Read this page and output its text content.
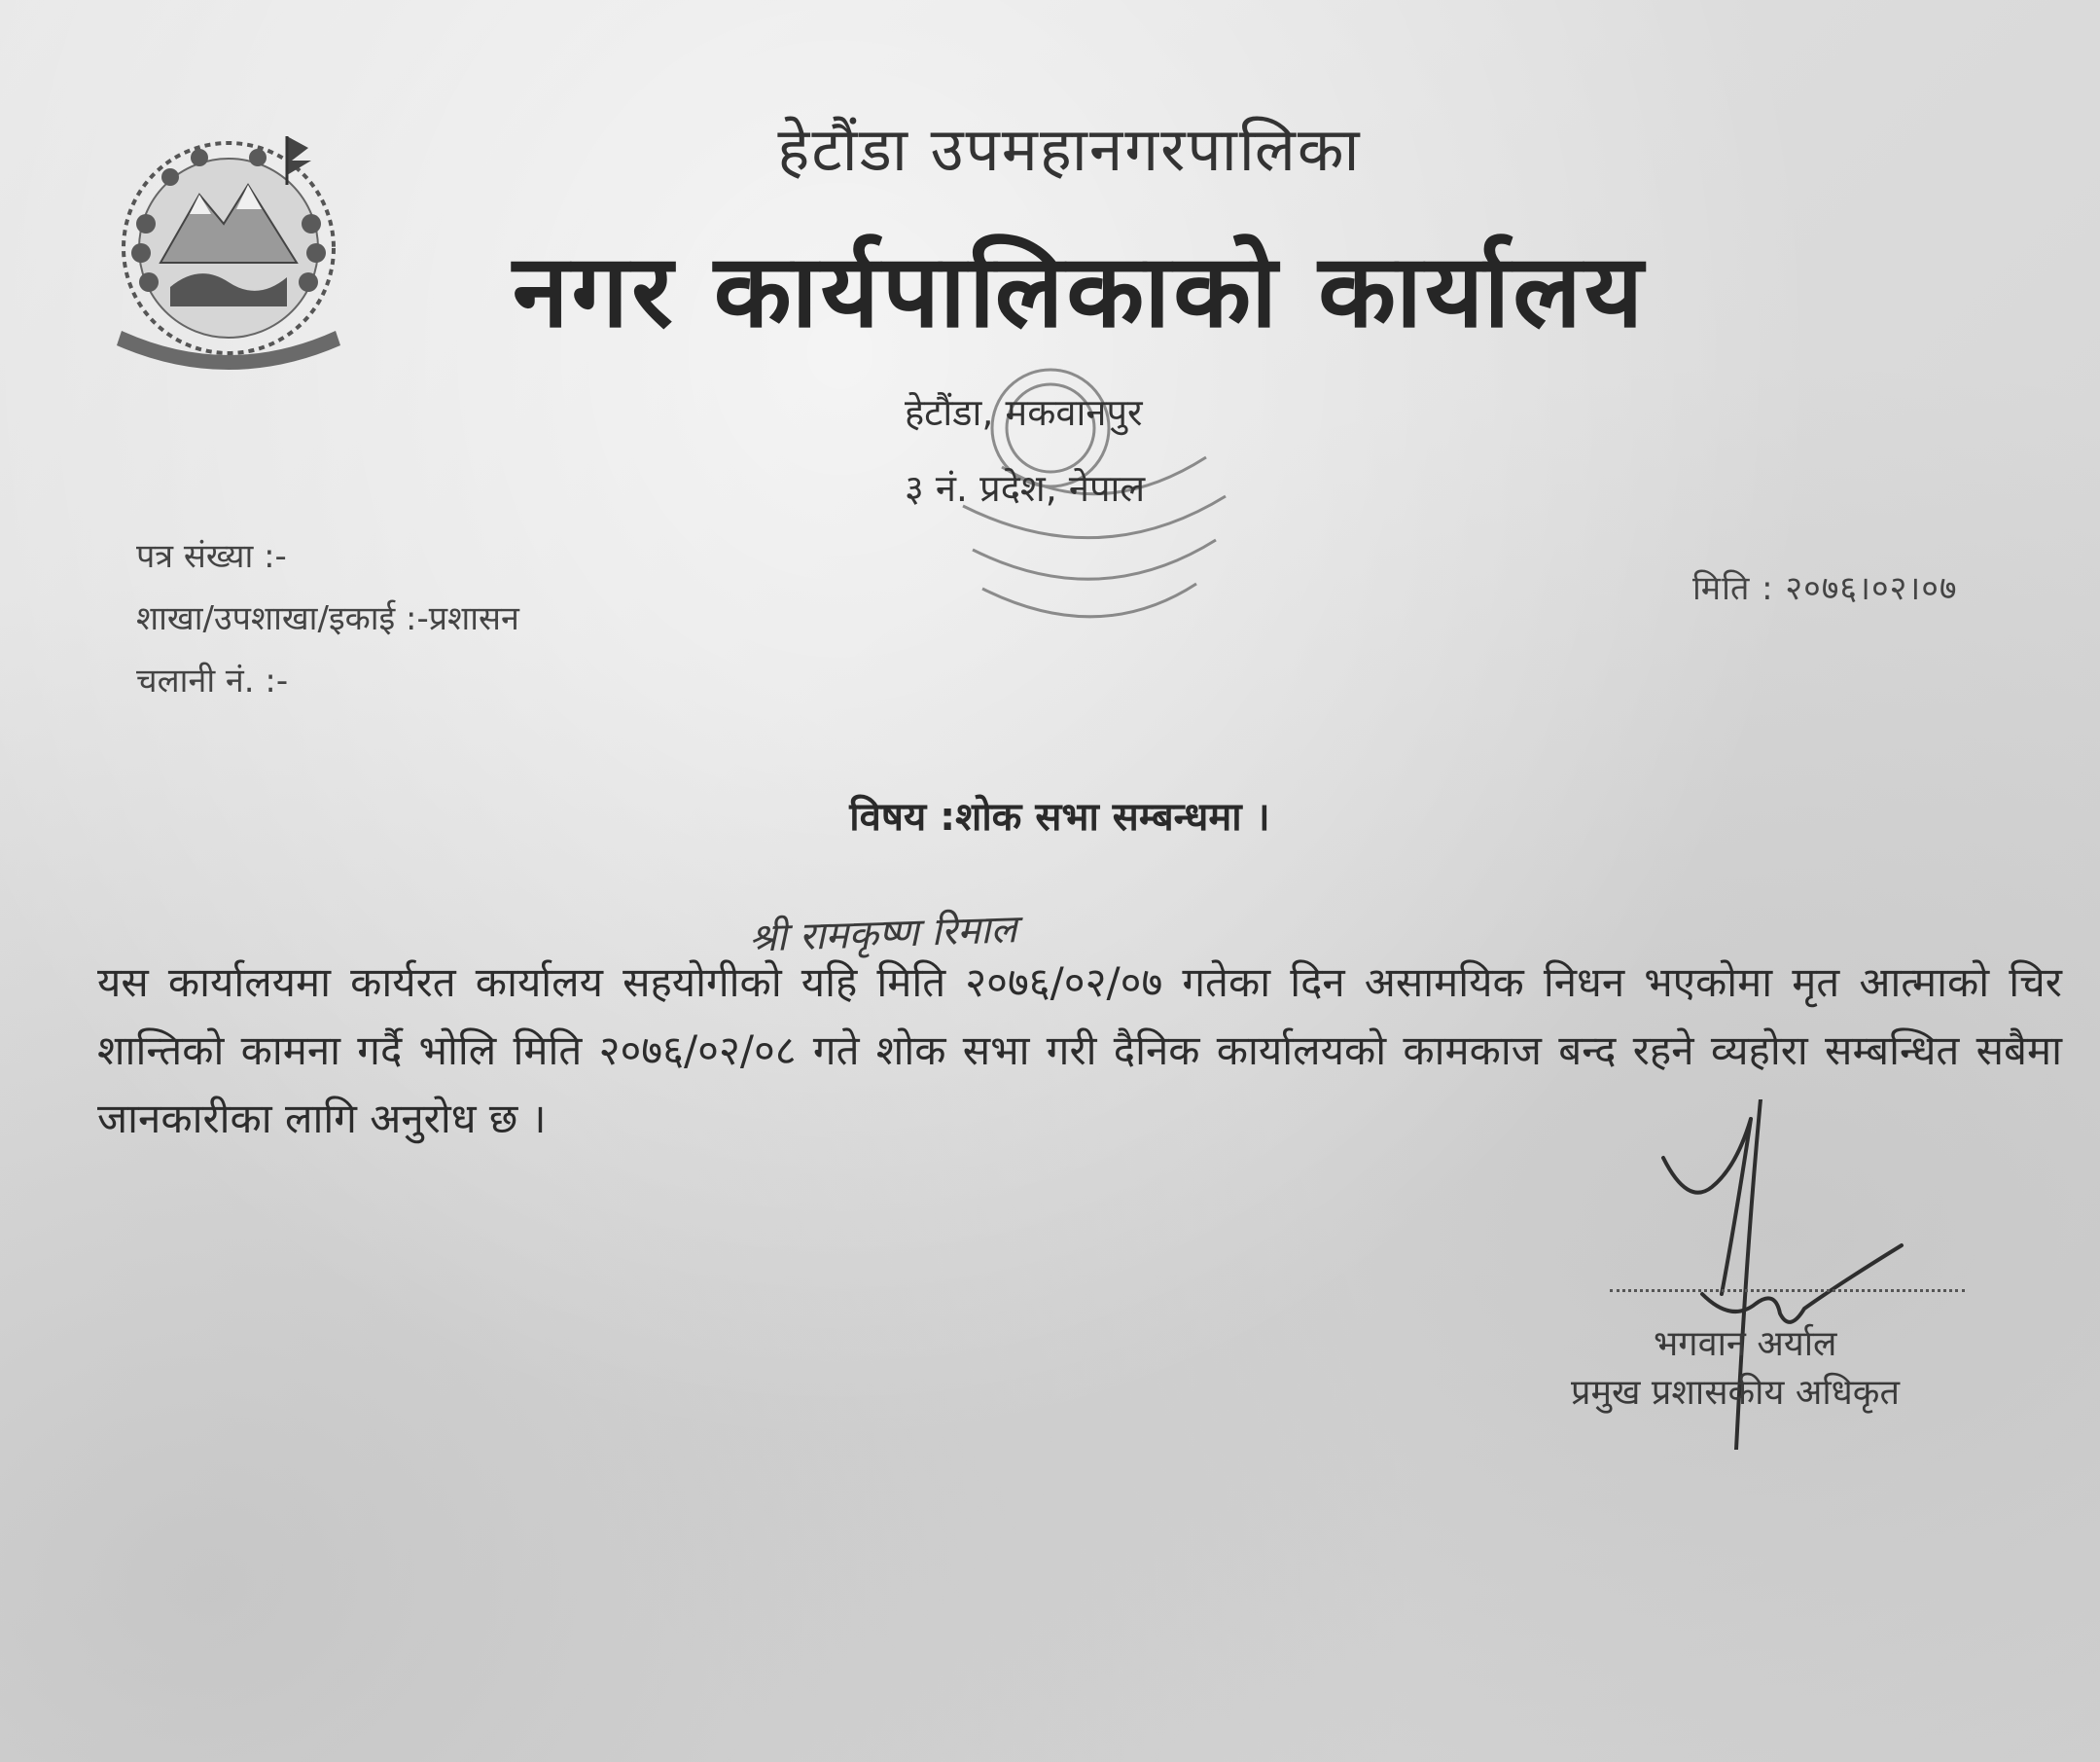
हेटौंडा उपमहानगरपालिका
नगर कार्यपालिकाको कार्यालय
हेटौंडा, मकवानपुर
३ नं. प्रदेश, नेपाल
पत्र संख्या :-
शाखा/उपशाखा/इकाई :-प्रशासन
चलानी नं. :-
मिति : २०७६।०२।०७
विषय :शोक सभा सम्बन्धमा ।
श्री रामकृष्ण रिमाल
यस कार्यालयमा कार्यरत कार्यालय सहयोगीको यहि मिति २०७६/०२/०७ गतेका दिन असामयिक निधन भएकोमा मृत आत्माको चिर शान्तिको कामना गर्दै भोलि मिति २०७६/०२/०८ गते शोक सभा गरी दैनिक कार्यालयको कामकाज बन्द रहने व्यहोरा सम्बन्धित सबैमा जानकारीका लागि अनुरोध छ ।
भगवान अर्याल
प्रमुख प्रशासकीय अधिकृत
